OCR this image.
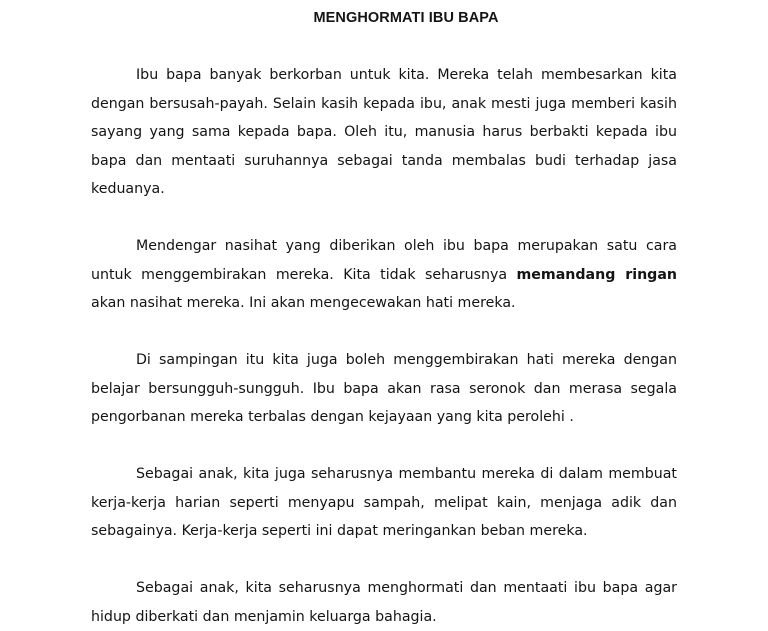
MENGHORMATI IBU BAPA

Ibu bapa banyak berkorban untuk kita. Mereka telah membesarkan kita dengan bersusah-payah. Selain kasih kepada ibu, anak mesti juga memberi kasih sayang yang sama kepada bapa. Oleh itu, manusia harus berbakti kepada ibu bapa dan mentaati suruhannya sebagai tanda membalas budi terhadap jasa keduanya.

Mendengar nasihat yang diberikan oleh ibu bapa merupakan satu cara untuk menggembirakan mereka. Kita tidak seharusnya memandang ringan akan nasihat mereka. Ini akan mengecewakan hati mereka.

Di sampingan itu kita juga boleh menggembirakan hati mereka dengan belajar bersungguh-sungguh. Ibu bapa akan rasa seronok dan merasa segala pengorbanan mereka terbalas dengan kejayaan yang kita perolehi .

Sebagai anak, kita juga seharusnya membantu mereka di dalam membuat kerja-kerja harian seperti menyapu sampah, melipat kain, menjaga adik dan sebagainya. Kerja-kerja seperti ini dapat meringankan beban mereka.

Sebagai anak, kita seharusnya menghormati dan mentaati ibu bapa agar hidup diberkati dan menjamin keluarga bahagia.
